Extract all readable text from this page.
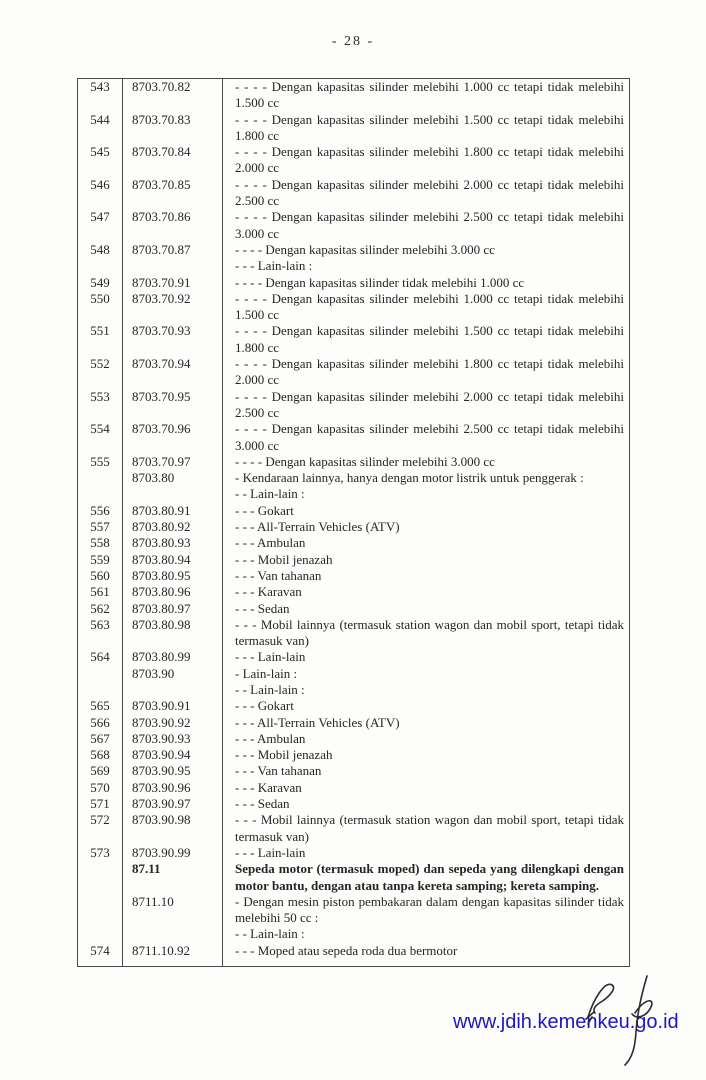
- 28 -
543	8703.70.82	- - - - Dengan kapasitas silinder melebihi 1.000 cc tetapi tidak melebihi 1.500 cc
544	8703.70.83	- - - - Dengan kapasitas silinder melebihi 1.500 cc tetapi tidak melebihi 1.800 cc
545	8703.70.84	- - - - Dengan kapasitas silinder melebihi 1.800 cc tetapi tidak melebihi 2.000 cc
546	8703.70.85	- - - - Dengan kapasitas silinder melebihi 2.000 cc tetapi tidak melebihi 2.500 cc
547	8703.70.86	- - - - Dengan kapasitas silinder melebihi 2.500 cc tetapi tidak melebihi 3.000 cc
548	8703.70.87	- - - - Dengan kapasitas silinder melebihi 3.000 cc
		- - - Lain-lain :
549	8703.70.91	- - - - Dengan kapasitas silinder tidak melebihi 1.000 cc
550	8703.70.92	- - - - Dengan kapasitas silinder melebihi 1.000 cc tetapi tidak melebihi 1.500 cc
551	8703.70.93	- - - - Dengan kapasitas silinder melebihi 1.500 cc tetapi tidak melebihi 1.800 cc
552	8703.70.94	- - - - Dengan kapasitas silinder melebihi 1.800 cc tetapi tidak melebihi 2.000 cc
553	8703.70.95	- - - - Dengan kapasitas silinder melebihi 2.000 cc tetapi tidak melebihi 2.500 cc
554	8703.70.96	- - - - Dengan kapasitas silinder melebihi 2.500 cc tetapi tidak melebihi 3.000 cc
555	8703.70.97	- - - - Dengan kapasitas silinder melebihi 3.000 cc
	8703.80	- Kendaraan lainnya, hanya dengan motor listrik untuk penggerak :
		- - Lain-lain :
556	8703.80.91	- - - Gokart
557	8703.80.92	- - - All-Terrain Vehicles (ATV)
558	8703.80.93	- - - Ambulan
559	8703.80.94	- - - Mobil jenazah
560	8703.80.95	- - - Van tahanan
561	8703.80.96	- - - Karavan
562	8703.80.97	- - - Sedan
563	8703.80.98	- - - Mobil lainnya (termasuk station wagon dan mobil sport, tetapi tidak termasuk van)
564	8703.80.99	- - - Lain-lain
	8703.90	- Lain-lain :
		- - Lain-lain :
565	8703.90.91	- - - Gokart
566	8703.90.92	- - - All-Terrain Vehicles (ATV)
567	8703.90.93	- - - Ambulan
568	8703.90.94	- - - Mobil jenazah
569	8703.90.95	- - - Van tahanan
570	8703.90.96	- - - Karavan
571	8703.90.97	- - - Sedan
572	8703.90.98	- - - Mobil lainnya (termasuk station wagon dan mobil sport, tetapi tidak termasuk van)
573	8703.90.99	- - - Lain-lain
	87.11	Sepeda motor (termasuk moped) dan sepeda yang dilengkapi dengan motor bantu, dengan atau tanpa kereta samping; kereta samping.
	8711.10	- Dengan mesin piston pembakaran dalam dengan kapasitas silinder tidak melebihi 50 cc :
		- - Lain-lain :
574	8711.10.92	- - - Moped atau sepeda roda dua bermotor
www.jdih.kemenkeu.go.id
